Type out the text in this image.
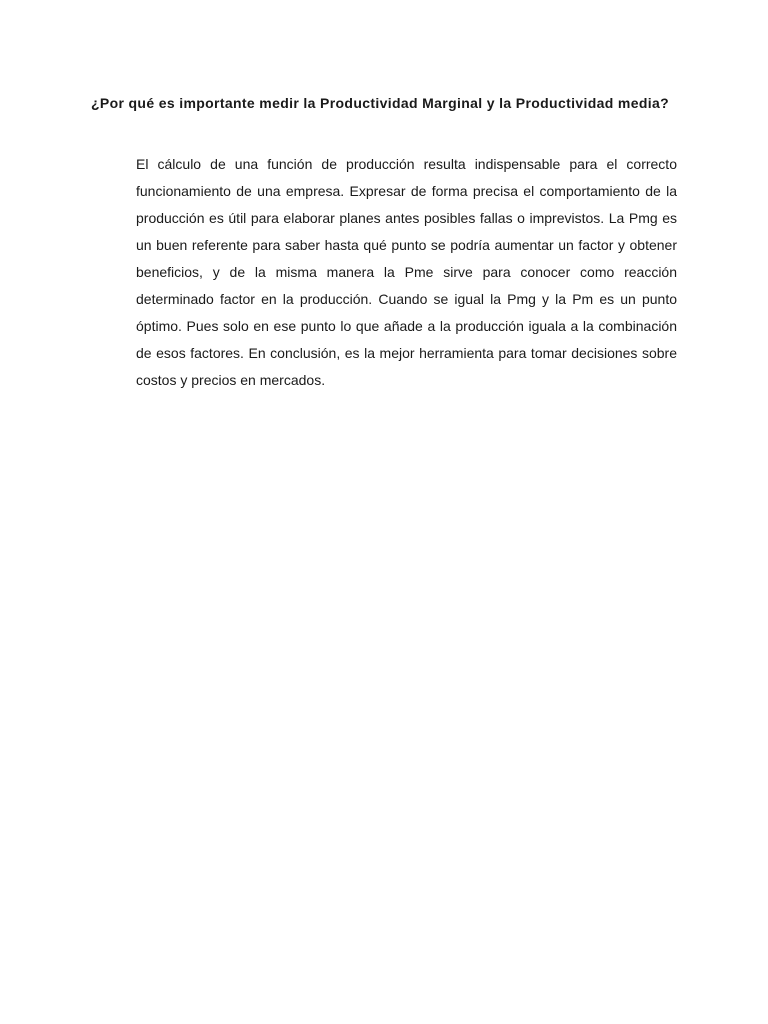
¿Por qué es importante medir la Productividad Marginal y la Productividad media?

El cálculo de una función de producción resulta indispensable para el correcto funcionamiento de una empresa. Expresar de forma precisa el comportamiento de la producción es útil para elaborar planes antes posibles fallas o imprevistos. La Pmg es un buen referente para saber hasta qué punto se podría aumentar un factor y obtener beneficios, y de la misma manera la Pme sirve para conocer como reacción determinado factor en la producción. Cuando se igual la Pmg y la Pm es un punto óptimo. Pues solo en ese punto lo que añade a la producción iguala a la combinación de esos factores. En conclusión, es la mejor herramienta para tomar decisiones sobre costos y precios en mercados.
